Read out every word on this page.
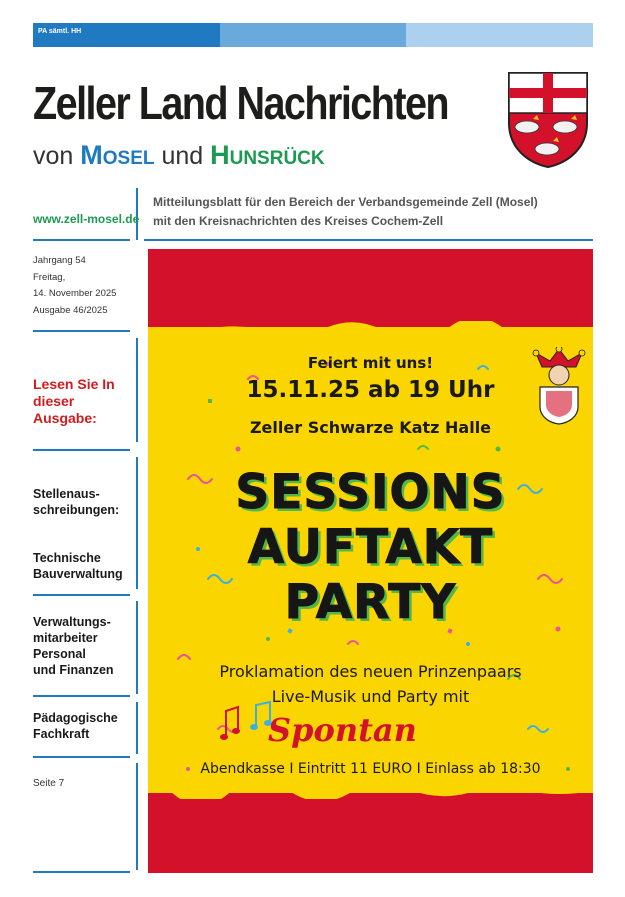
PA sämtl. HH
Zeller Land Nachrichten
von Mosel und Hunsrück
www.zell-mosel.de
Mitteilungsblatt für den Bereich der Verbandsgemeinde Zell (Mosel)
mit den Kreisnachrichten des Kreises Cochem-Zell
Jahrgang 54
Freitag,
14. November 2025
Ausgabe 46/2025
Lesen Sie In
dieser
Ausgabe:
Stellenaus-
schreibungen:
Technische
Bauverwaltung
Verwaltungs-
mitarbeiter
Personal
und Finanzen
Pädagogische
Fachkraft
Seite 7
Feiert mit uns!
15.11.25 ab 19 Uhr
Zeller Schwarze Katz Halle
SESSIONS
AUFTAKT
PARTY
Proklamation des neuen Prinzenpaars
Live-Musik und Party mit
Spontan
Abendkasse I Eintritt 11 EURO I Einlass ab 18:30
